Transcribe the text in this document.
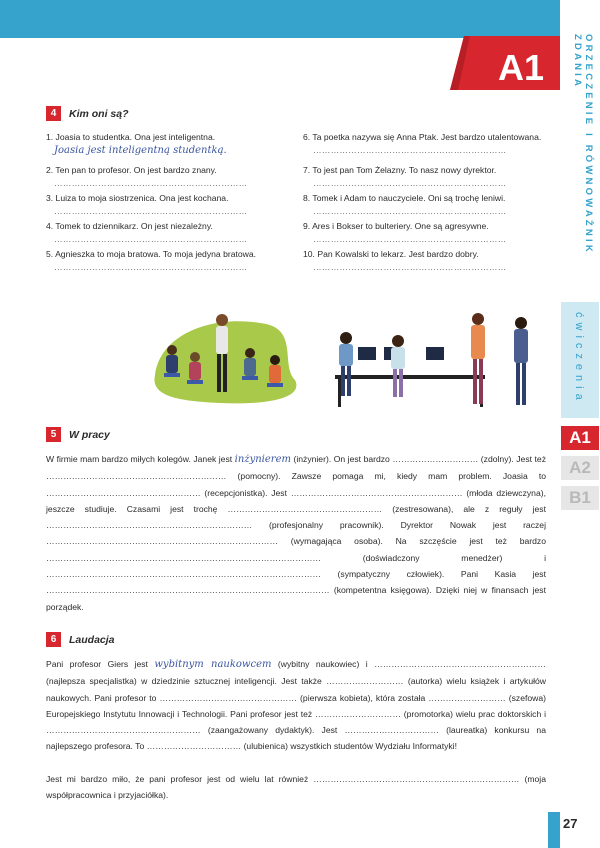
A1	ORZECZENIE I RÓWNOWAŻNIK ZDANIA
ćwiczenia
A1
A2
B1
4	Kim oni są?
1. Joasia to studentka. Ona jest inteligentna.
Joasia jest inteligentną studentką.
2. Ten pan to profesor. On jest bardzo znany.
…………………………………………………………
3. Luiza to moja siostrzenica. Ona jest kochana.
…………………………………………………………
4. Tomek to dziennikarz. On jest niezależny.
…………………………………………………………
5. Agnieszka to moja bratowa. To moja jedyna bratowa.
…………………………………………………………
6. Ta poetka nazywa się Anna Ptak. Jest bardzo utalentowana.
…………………………………………………………
7. To jest pan Tom Żelazny. To nasz nowy dyrektor.
…………………………………………………………
8. Tomek i Adam to nauczyciele. Oni są trochę leniwi.
…………………………………………………………
9. Ares i Bokser to bulteriery. One są agresywne.
…………………………………………………………
10. Pan Kowalski to lekarz. Jest bardzo dobry.
…………………………………………………………
5	W pracy
W firmie mam bardzo miłych kolegów. Janek jest inżynierem (inżynier). On jest bardzo ………………………… (zdolny). Jest też ……………………………………………………… (pomocny). Zawsze pomaga mi, kiedy mam problem. Joasia to ……………………………………………… (recepcjonistka). Jest …………………………………………………… (młoda dziewczyna), jeszcze studiuje. Czasami jest trochę ……………………………………………… (zestresowana), ale z reguły jest ……………………………………………………………… (profesjonalny pracownik). Dyrektor Nowak jest raczej ……………………………………………………………………… (wymagająca osoba). Na szczęście jest też bardzo …………………………………………………………………………………… (doświadczony menedżer) i …………………………………………………………………………………… (sympatyczny człowiek). Pani Kasia jest ……………………………………………………………………………………… (kompetentna księgowa). Dzięki niej w finansach jest porządek.
6	Laudacja
Pani profesor Giers jest wybitnym naukowcem (wybitny naukowiec) i …………………………………………………… (najlepsza specjalistka) w dziedzinie sztucznej inteligencji. Jest także ……………………… (autorka) wielu książek i artykułów naukowych. Pani profesor to ………………………………………… (pierwsza kobieta), która została ……………………… (szefowa) Europejskiego Instytutu Innowacji i Technologii. Pani profesor jest też ………………………… (promotorka) wielu prac doktorskich i ……………………………………………… (zaangażowany dydaktyk). Jest …………………………… (laureatka) konkursu na najlepszego profesora. To …………………………… (ulubienica) wszystkich studentów Wydziału Informatyki!
Jest mi bardzo miło, że pani profesor jest od wielu lat również ……………………………………………………………… (moja współpracownica i przyjaciółka).
27
